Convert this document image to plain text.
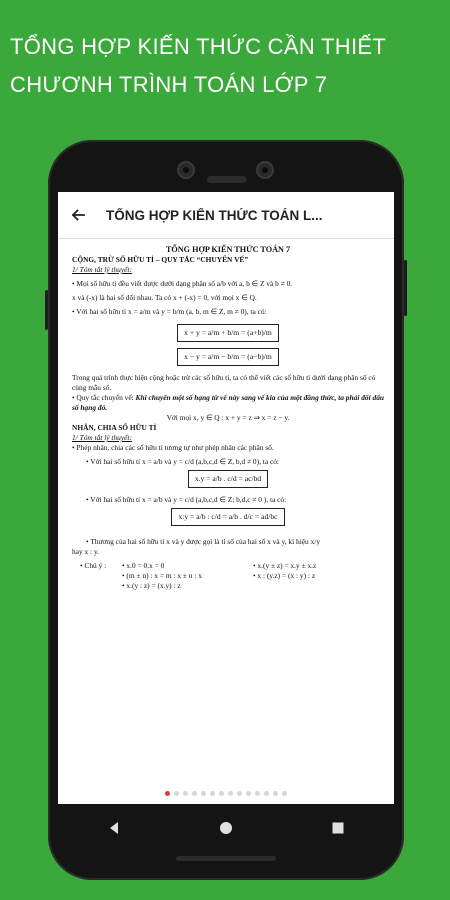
TỔNG HỢP KIẾN THỨC CẦN THIẾT
CHƯƠNH TRÌNH TOÁN LỚP 7
TỔNG HỢP KIẾN THỨC TOÁN L...

TỔNG HỢP KIẾN THỨC TOÁN 7

CỘNG, TRỪ SỐ HỮU TỈ – QUY TẮC “CHUYỂN VẾ”

1/ Tóm tắt lý thuyết:

• Mọi số hữu tỉ đều viết được dưới dạng phân số a/b với a, b ∈ Z và b ≠ 0.

x và (-x) là hai số đối nhau. Ta có x + (-x) = 0, với mọi x ∈ Q.

• Với hai số hữu tỉ x = a/m và y = b/m (a, b, m ∈ Z, m ≠ 0), ta có:

x + y = a/m + b/m = (a+b)/m
x − y = a/m − b/m = (a−b)/m

Trong quá trình thực hiện cộng hoặc trừ các số hữu tỉ, ta có thể viết các số hữu tỉ dưới dạng phân số có cùng mẫu số.

• Quy tắc chuyển vế: Khi chuyển một số hạng từ vế này sang vế kia của một đẳng thức, ta phải đổi dấu số hạng đó.

Với mọi x, y ∈ Q : x + y = z ⇒ x = z − y.

NHÂN, CHIA SỐ HỮU TỈ

1/ Tóm tắt lý thuyết:

• Phép nhân, chia các số hữu tỉ tương tự như phép nhân các phân số.

• Với hai số hữu tỉ x = a/b và y = c/d (a,b,c,d ∈ Z, b,d ≠ 0), ta có:

x.y = a/b . c/d = ac/bd

• Với hai số hữu tỉ x = a/b và y = c/d (a,b,c,d ∈ Z; b,d,c ≠ 0 ), ta có:

x:y = a/b : c/d = a/b . d/c = ad/bc

• Thương của hai số hữu tỉ x và y được gọi là tỉ số của hai số x và y, kí hiệu x/y

hay x : y.

• Chú ý :	• x.0 = 0.x = 0	• x.(y ± z) = x.y ± x.z

• (m ± n) : x = m : x ± n : x	• x : (y.z) = (x : y) : z

• x.(y : z) = (x.y) : z
